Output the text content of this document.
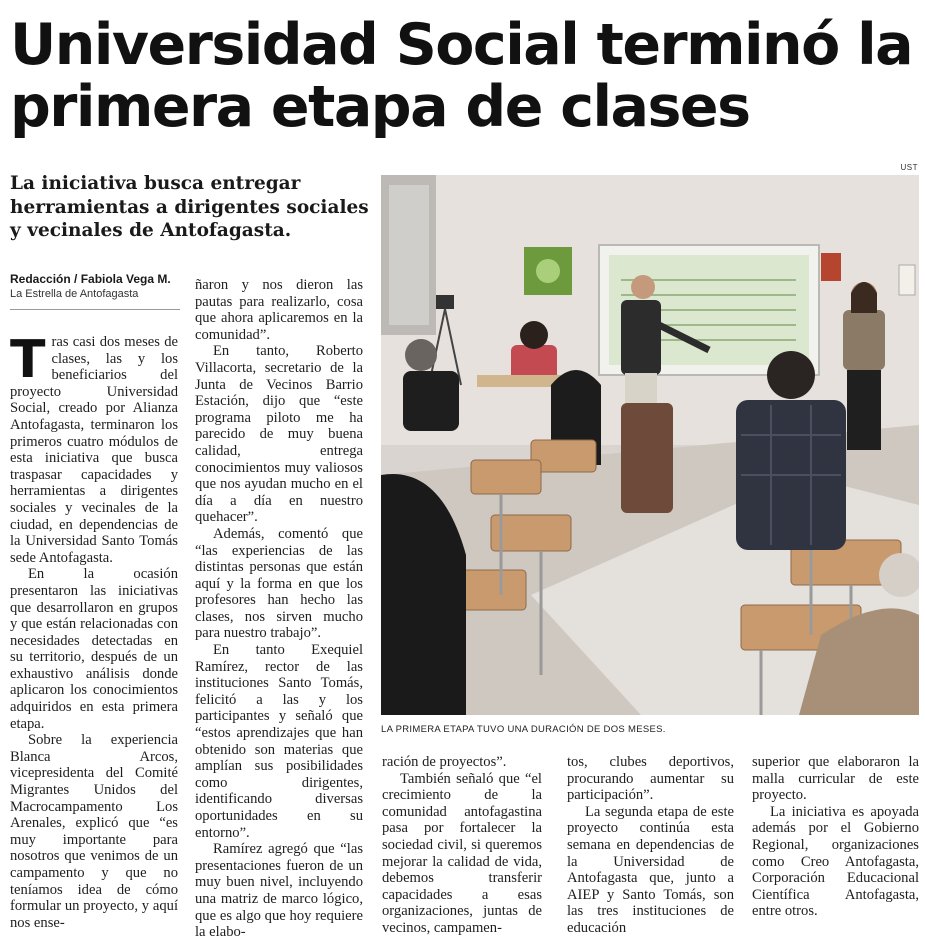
Universidad Social terminó la primera etapa de clases

UST

La iniciativa busca entregar herramientas a dirigentes sociales y vecinales de Antofagasta.
Redacción / Fabiola Vega M.
La Estrella de Antofagasta

Tras casi dos meses de clases, las y los beneficiarios del proyecto Universidad Social, creado por Alianza Antofagasta, terminaron los primeros cuatro módulos de esta iniciativa que busca traspasar capacidades y herramientas a dirigentes sociales y vecinales de la ciudad, en dependencias de la Universidad Santo Tomás sede Antofagasta.

En la ocasión presentaron las iniciativas que desarrollaron en grupos y que están relacionadas con necesidades detectadas en su territorio, después de un exhaustivo análisis donde aplicaron los conocimientos adquiridos en esta primera etapa.

Sobre la experiencia Blanca Arcos, vicepresidenta del Comité Migrantes Unidos del Macrocampamento Los Arenales, explicó que “es muy importante para nosotros que venimos de un campamento y que no teníamos idea de cómo formular un proyecto, y aquí nos ense-

ñaron y nos dieron las pautas para realizarlo, cosa que ahora aplicaremos en la comunidad”.

En tanto, Roberto Villacorta, secretario de la Junta de Vecinos Barrio Estación, dijo que “este programa piloto me ha parecido de muy buena calidad, entrega conocimientos muy valiosos que nos ayudan mucho en el día a día en nuestro quehacer”.

Además, comentó que “las experiencias de las distintas personas que están aquí y la forma en que los profesores han hecho las clases, nos sirven mucho para nuestro trabajo”.

En tanto Exequiel Ramírez, rector de las instituciones Santo Tomás, felicitó a las y los participantes y señaló que “estos aprendizajes que han obtenido son materias que amplían sus posibilidades como dirigentes, identificando diversas oportunidades en su entorno”.

Ramírez agregó que “las presentaciones fueron de un muy buen nivel, incluyendo una matriz de marco lógico, que es algo que hoy requiere la elabo-

LA PRIMERA ETAPA TUVO UNA DURACIÓN DE DOS MESES.

ración de proyectos”.

También señaló que “el crecimiento de la comunidad antofagastina pasa por fortalecer la sociedad civil, si queremos mejorar la calidad de vida, debemos transferir capacidades a esas organizaciones, juntas de vecinos, campamen-

tos, clubes deportivos, procurando aumentar su participación”.

La segunda etapa de este proyecto continúa esta semana en dependencias de la Universidad de Antofagasta que, junto a AIEP y Santo Tomás, son las tres instituciones de educación

superior que elaboraron la malla curricular de este proyecto.

La iniciativa es apoyada además por el Gobierno Regional, organizaciones como Creo Antofagasta, Corporación Educacional Científica Antofagasta, entre otros.
